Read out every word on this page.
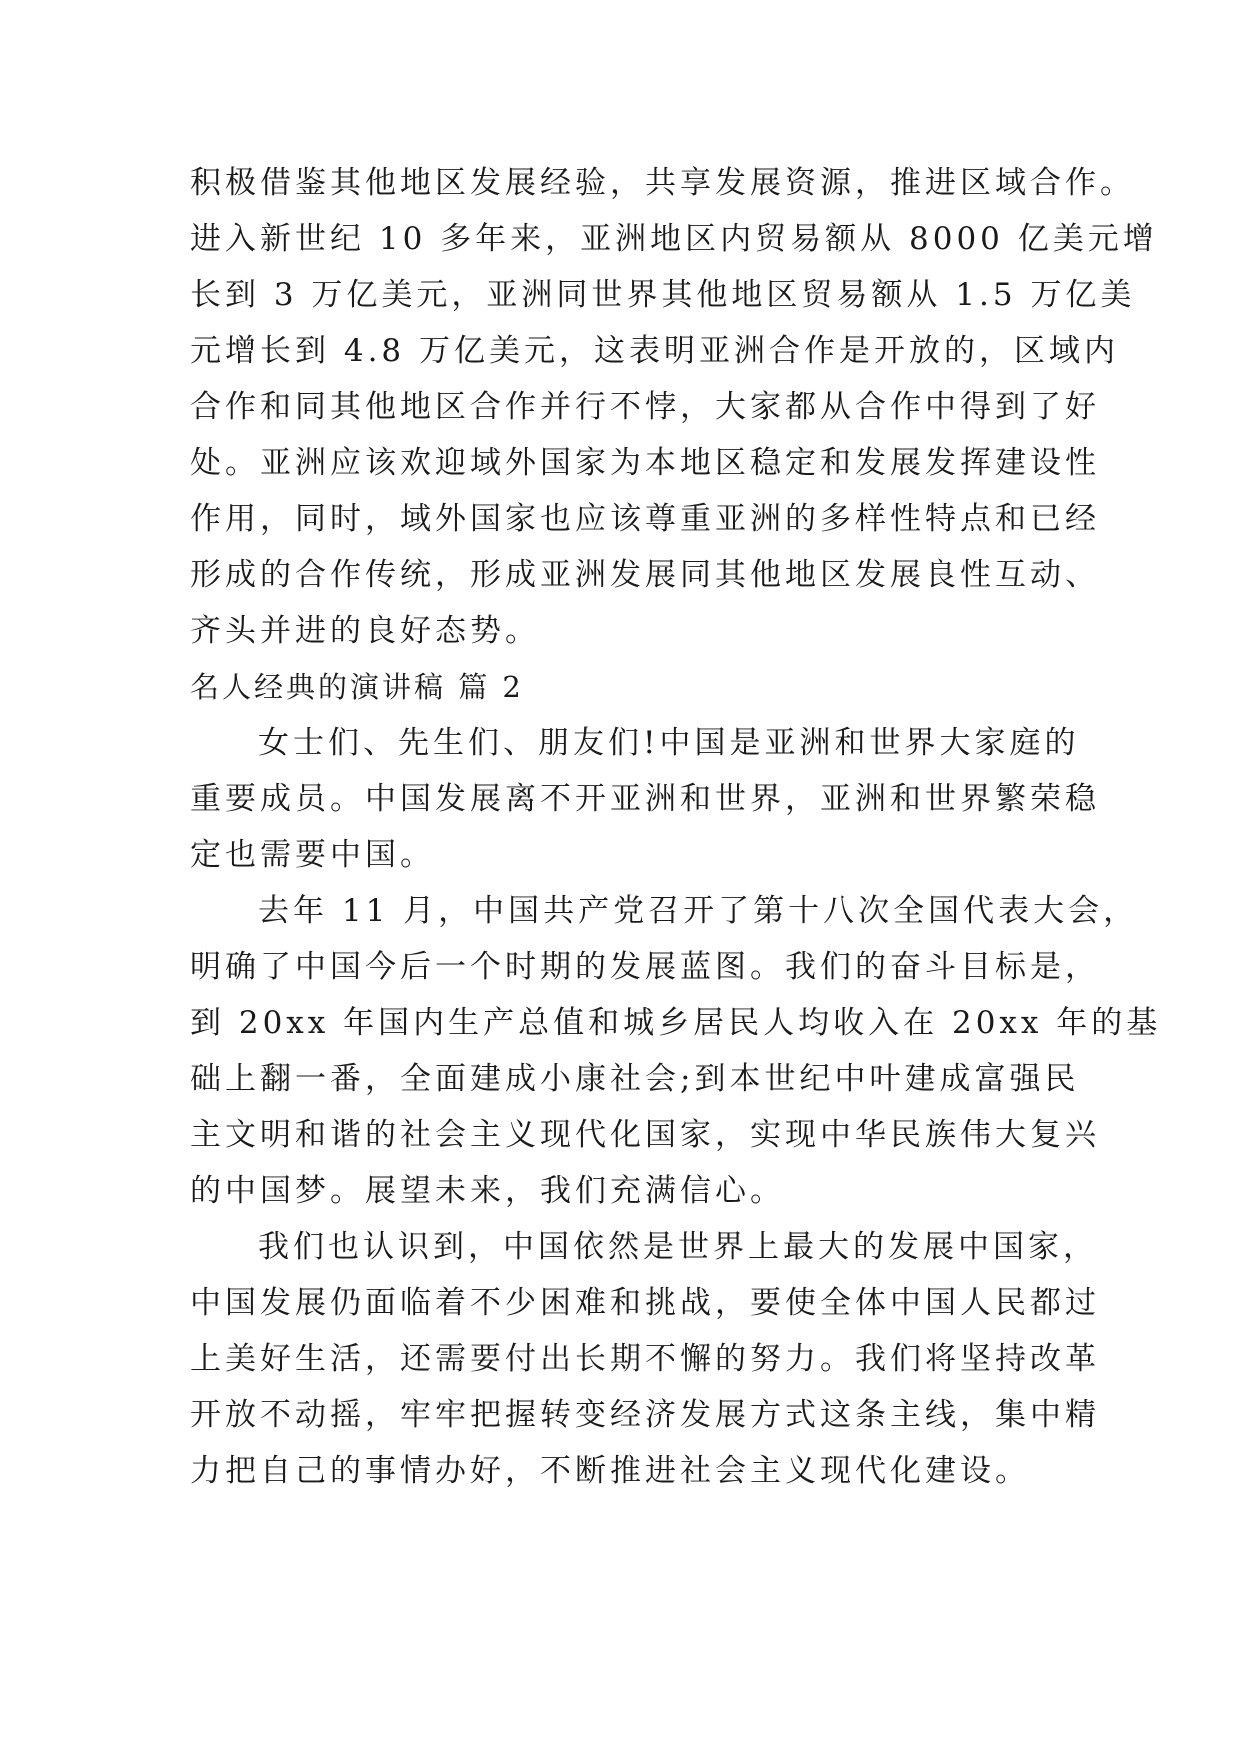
积极借鉴其他地区发展经验，共享发展资源，推进区域合作。
进入新世纪 10 多年来，亚洲地区内贸易额从 8000 亿美元增
长到 3 万亿美元，亚洲同世界其他地区贸易额从 1.5 万亿美
元增长到 4.8 万亿美元，这表明亚洲合作是开放的，区域内
合作和同其他地区合作并行不悖，大家都从合作中得到了好
处。亚洲应该欢迎域外国家为本地区稳定和发展发挥建设性
作用，同时，域外国家也应该尊重亚洲的多样性特点和已经
形成的合作传统，形成亚洲发展同其他地区发展良性互动、
齐头并进的良好态势。
名人经典的演讲稿 篇 2
女士们、先生们、朋友们!中国是亚洲和世界大家庭的
重要成员。中国发展离不开亚洲和世界，亚洲和世界繁荣稳
定也需要中国。
去年 11 月，中国共产党召开了第十八次全国代表大会，
明确了中国今后一个时期的发展蓝图。我们的奋斗目标是，
到 20xx 年国内生产总值和城乡居民人均收入在 20xx 年的基
础上翻一番，全面建成小康社会;到本世纪中叶建成富强民
主文明和谐的社会主义现代化国家，实现中华民族伟大复兴
的中国梦。展望未来，我们充满信心。
我们也认识到，中国依然是世界上最大的发展中国家，
中国发展仍面临着不少困难和挑战，要使全体中国人民都过
上美好生活，还需要付出长期不懈的努力。我们将坚持改革
开放不动摇，牢牢把握转变经济发展方式这条主线，集中精
力把自己的事情办好，不断推进社会主义现代化建设。
